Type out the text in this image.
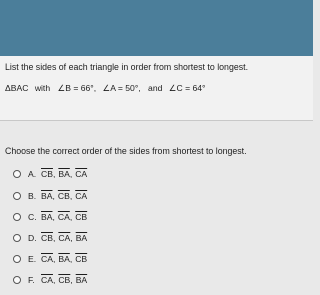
List the sides of each triangle in order from shortest to longest.
ΔBAC with ∠B = 66°, ∠A = 50°, and ∠C = 64°
Choose the correct order of the sides from shortest to longest.
A. $\overline{CB}$ , $\overline{BA}$ , $\overline{CA}$
B. $\overline{BA}$ , $\overline{CB}$ , $\overline{CA}$
C. $\overline{BA}$ , $\overline{CA}$ , $\overline{CB}$
D. $\overline{CB}$ , $\overline{CA}$ , $\overline{BA}$
E. $\overline{CA}$ , $\overline{BA}$ , $\overline{CB}$
F. $\overline{CA}$ , $\overline{CB}$ , $\overline{BA}$
